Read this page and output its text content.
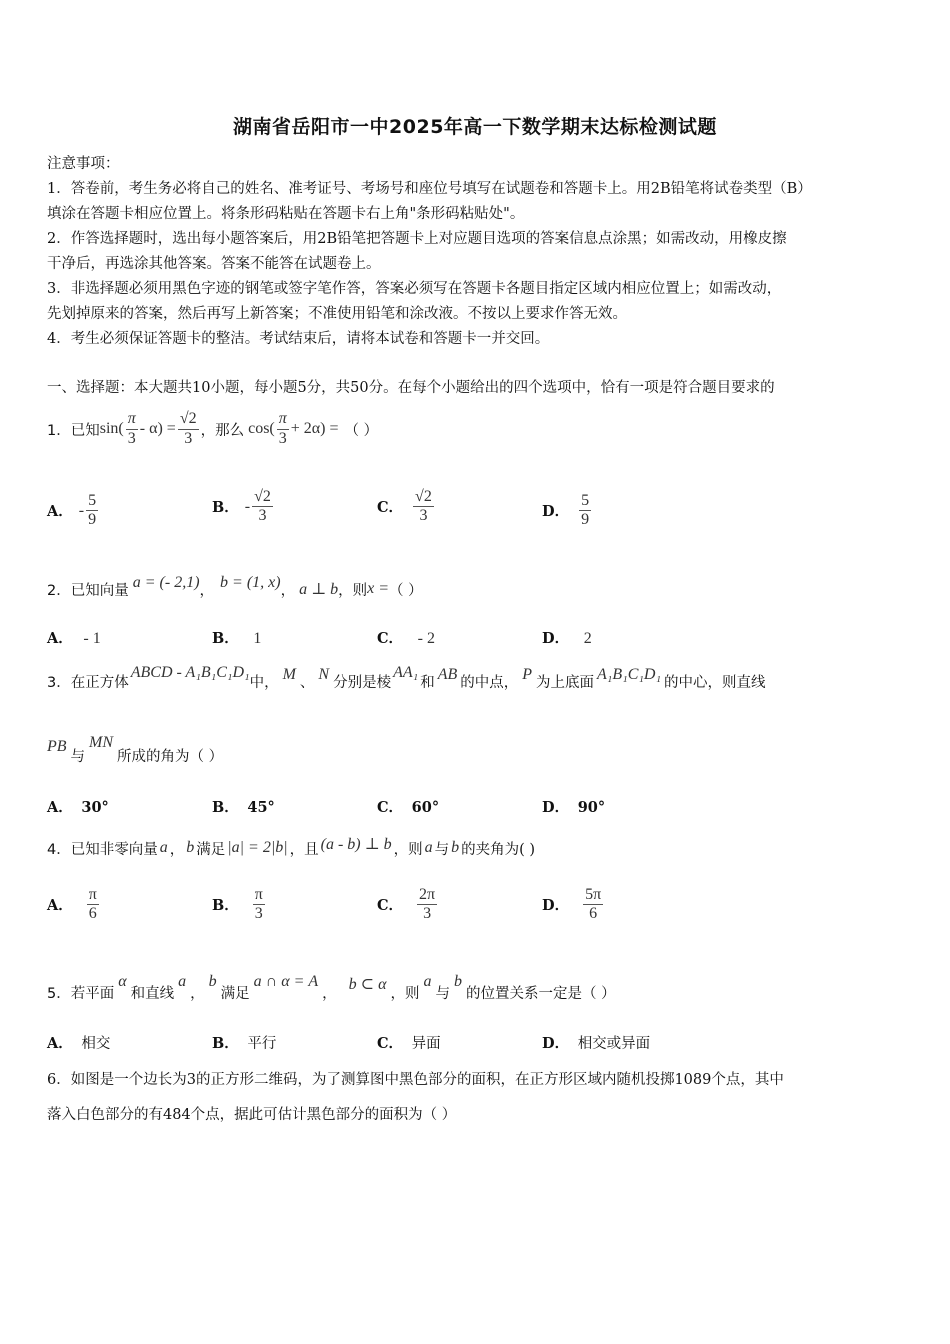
湖南省岳阳市一中2025年高一下数学期末达标检测试题
注意事项：
1．答卷前，考生务必将自己的姓名、准考证号、考场号和座位号填写在试题卷和答题卡上。用2B铅笔将试卷类型（B）
填涂在答题卡相应位置上。将条形码粘贴在答题卡右上角"条形码粘贴处"。
2．作答选择题时，选出每小题答案后，用2B铅笔把答题卡上对应题目选项的答案信息点涂黑；如需改动，用橡皮擦
干净后，再选涂其他答案。答案不能答在试题卷上。
3．非选择题必须用黑色字迹的钢笔或签字笔作答，答案必须写在答题卡各题目指定区域内相应位置上；如需改动，
先划掉原来的答案，然后再写上新答案；不准使用铅笔和涂改液。不按以上要求作答无效。
4．考生必须保证答题卡的整洁。考试结束后，请将本试卷和答题卡一并交回。
一、选择题：本大题共10小题，每小题5分，共50分。在每个小题给出的四个选项中，恰有一项是符合题目要求的
1． 已知 $\sin( \frac{\pi}{3} - \alpha) = \frac{√2}{3}$ ，那么 $\cos( \frac{\pi}{3} + 2\alpha)$ = （ ）
A． - $\frac{5}{9}$	B． - $\frac{√2}{3}$	C． $\frac{√2}{3}$	D． $\frac{5}{9}$
2． 已知向量 a = (- 2,1) ， b = (1, x) ， a ⊥ b ，则 x = （ ）
A． - 1	B． 1	C． - 2	D． 2
3． 在正方体
ABCD - A₁B₁C₁D₁
中， M 、 N 分别是棱
AA₁
和 AB 的中点， P 为上底面 A₁B₁C₁D₁ 的中心，则直线
PB
与
MN
所成的角为（ ）
A． 30°	B． 45°	C． 60°	D． 90°
4． 已知非零向量 a ， b 满足 |a| = 2|b| ，且 (a - b) ⊥ b ，则 a 与 b 的夹角为( )
A． $\frac{\pi}{6}$	B． $\frac{\pi}{3}$	C． $\frac{2\pi}{3}$	D． $\frac{5\pi}{6}$
5． 若平面
α
和直线
a
，
b
满足
a ∩ α = A
，
b ⊂ α
，则
a
与
b
的位置关系一定是（ ）
A． 相交	B． 平行	C． 异面	D． 相交或异面
6．如图是一个边长为3的正方形二维码，为了测算图中黑色部分的面积，在正方形区域内随机投掷1089个点，其中
落入白色部分的有484个点，据此可估计黑色部分的面积为（ ）
